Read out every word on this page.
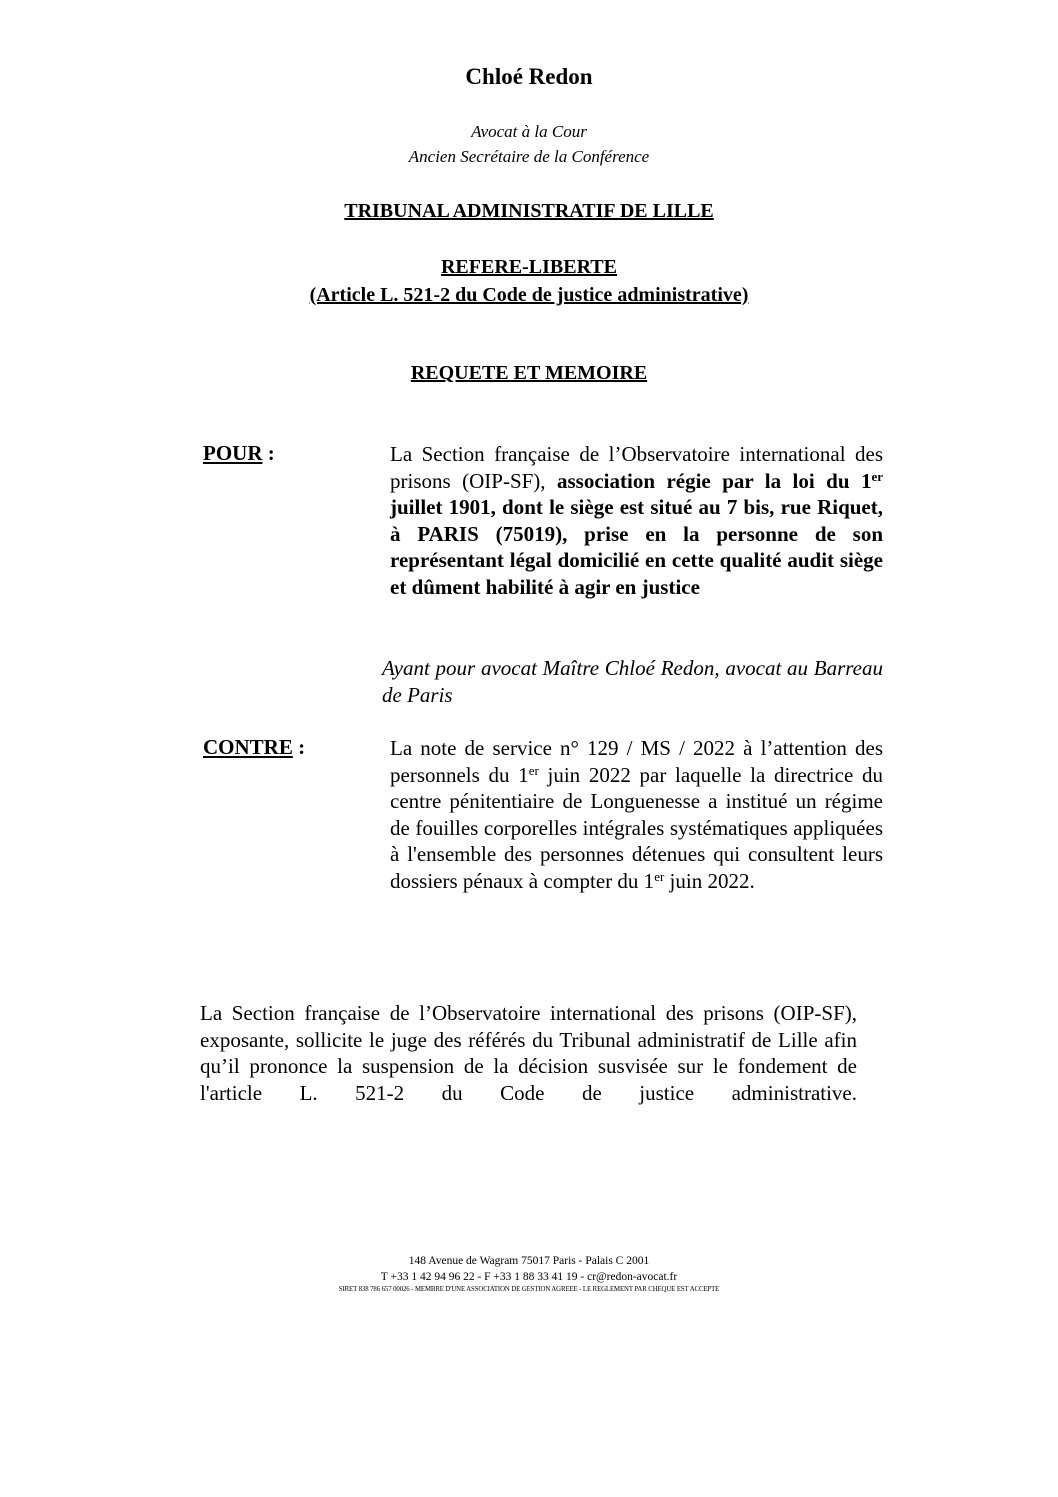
Chloé Redon
Avocat à la Cour
Ancien Secrétaire de la Conférence
TRIBUNAL ADMINISTRATIF DE LILLE
REFERE-LIBERTE
(Article L. 521-2 du Code de justice administrative)
REQUETE ET MEMOIRE
POUR :	La Section française de l’Observatoire international des prisons (OIP-SF), association régie par la loi du 1er juillet 1901, dont le siège est situé au 7 bis, rue Riquet, à PARIS (75019), prise en la personne de son représentant légal domicilié en cette qualité audit siège et dûment habilité à agir en justice
Ayant pour avocat Maître Chloé Redon, avocat au Barreau de Paris
CONTRE :	La note de service n° 129 / MS / 2022 à l’attention des personnels du 1er juin 2022 par laquelle la directrice du centre pénitentiaire de Longuenesse a institué un régime de fouilles corporelles intégrales systématiques appliquées à l'ensemble des personnes détenues qui consultent leurs dossiers pénaux à compter du 1er juin 2022.
La Section française de l’Observatoire international des prisons (OIP-SF), exposante, sollicite le juge des référés du Tribunal administratif de Lille afin qu’il prononce la suspension de la décision susvisée sur le fondement de l'article L. 521-2 du Code de justice administrative.
148 Avenue de Wagram 75017 Paris - Palais C 2001
T +33 1 42 94 96 22 - F +33 1 88 33 41 19 - cr@redon-avocat.fr
SIRET 838 786 657 00026 - MEMBRE D'UNE ASSOCIATION DE GESTION AGREEE - LE REGLEMENT PAR CHEQUE EST ACCEPTE
